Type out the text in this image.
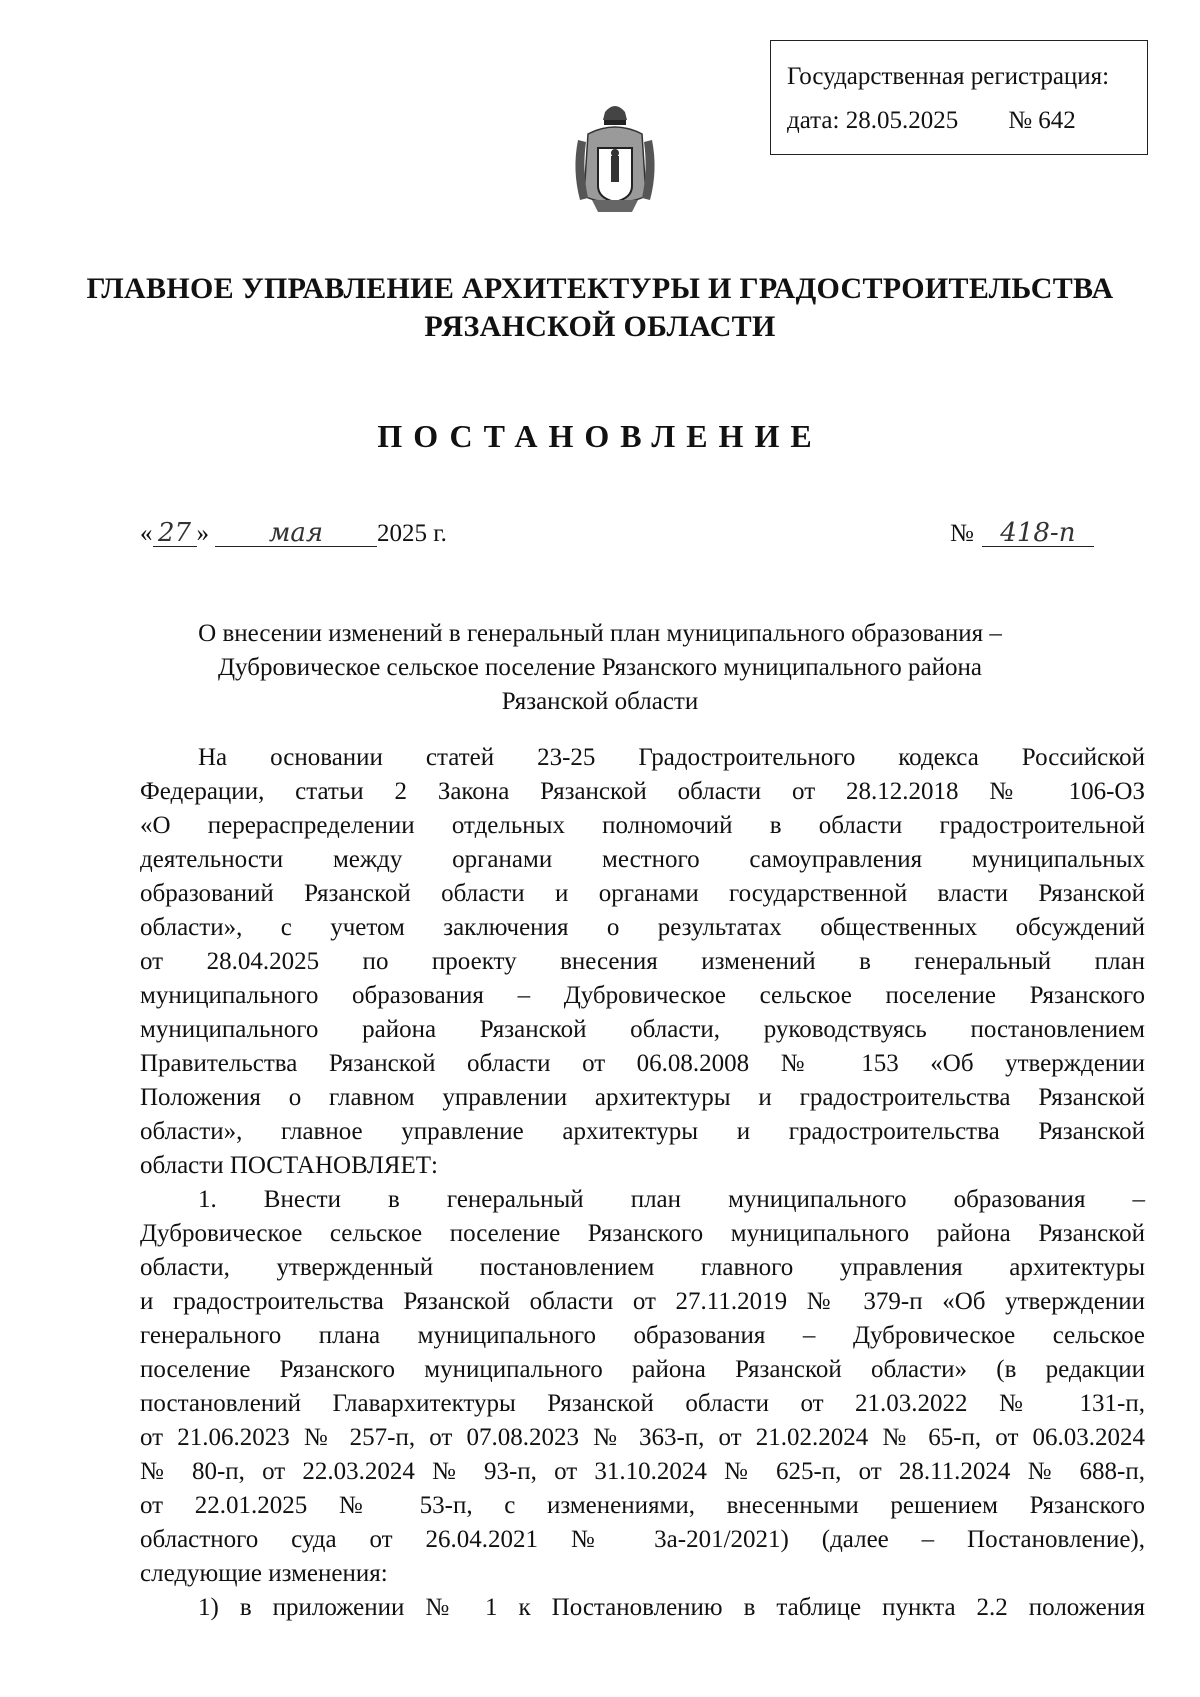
Государственная регистрация:
дата: 28.05.2025 № 642
ГЛАВНОЕ УПРАВЛЕНИЕ АРХИТЕКТУРЫ И ГРАДОСТРОИТЕЛЬСТВА
РЯЗАНСКОЙ ОБЛАСТИ
ПОСТАНОВЛЕНИЕ
« 27 » мая 2025 г.	№ 418-п
О внесении изменений в генеральный план муниципального образования –
Дубровическое сельское поселение Рязанского муниципального района
Рязанской области

На основании статей 23-25 Градостроительного кодекса Российской

Федерации, статьи 2 Закона Рязанской области от 28.12.2018 № 106-ОЗ

«О перераспределении отдельных полномочий в области градостроительной

деятельности между органами местного самоуправления муниципальных

образований Рязанской области и органами государственной власти Рязанской

области», с учетом заключения о результатах общественных обсуждений

от 28.04.2025 по проекту внесения изменений в генеральный план

муниципального образования – Дубровическое сельское поселение Рязанского

муниципального района Рязанской области, руководствуясь постановлением

Правительства Рязанской области от 06.08.2008 № 153 «Об утверждении

Положения о главном управлении архитектуры и градостроительства Рязанской

области», главное управление архитектуры и градостроительства Рязанской

области ПОСТАНОВЛЯЕТ:

1. Внести в генеральный план муниципального образования –

Дубровическое сельское поселение Рязанского муниципального района Рязанской

области, утвержденный постановлением главного управления архитектуры

и градостроительства Рязанской области от 27.11.2019 № 379-п «Об утверждении

генерального плана муниципального образования – Дубровическое сельское

поселение Рязанского муниципального района Рязанской области» (в редакции

постановлений Главархитектуры Рязанской области от 21.03.2022 № 131-п,

от 21.06.2023 № 257-п, от 07.08.2023 № 363-п, от 21.02.2024 № 65-п, от 06.03.2024

№ 80-п, от 22.03.2024 № 93-п, от 31.10.2024 № 625-п, от 28.11.2024 № 688-п,

от 22.01.2025 № 53-п, с изменениями, внесенными решением Рязанского

областного суда от 26.04.2021 № 3а-201/2021) (далее – Постановление),

следующие изменения:

1) в приложении № 1 к Постановлению в таблице пункта 2.2 положения
